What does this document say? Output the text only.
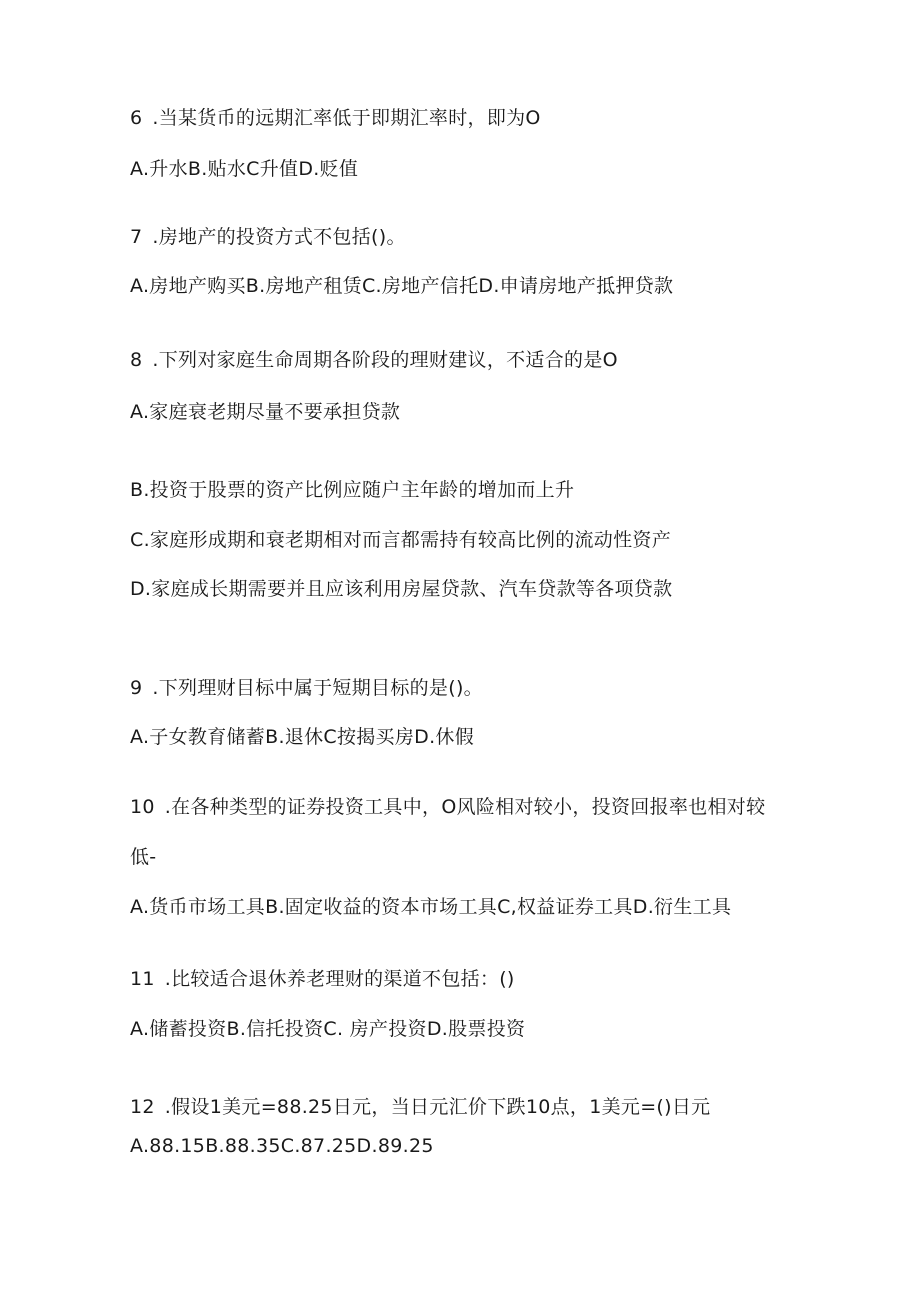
6 .当某货币的远期汇率低于即期汇率时，即为O
A.升水B.贴水C升值D.贬值
7 .房地产的投资方式不包括()。
A.房地产购买B.房地产租赁C.房地产信托D.申请房地产抵押贷款
8 .下列对家庭生命周期各阶段的理财建议，不适合的是O
A.家庭衰老期尽量不要承担贷款
B.投资于股票的资产比例应随户主年龄的增加而上升
C.家庭形成期和衰老期相对而言都需持有较高比例的流动性资产
D.家庭成长期需要并且应该利用房屋贷款、汽车贷款等各项贷款
9 .下列理财目标中属于短期目标的是()。
A.子女教育储蓄B.退休C按揭买房D.休假
10 .在各种类型的证券投资工具中，O风险相对较小，投资回报率也相对较
低-
A.货币市场工具B.固定收益的资本市场工具C,权益证券工具D.衍生工具
11 .比较适合退休养老理财的渠道不包括：()
A.储蓄投资B.信托投资C. 房产投资D.股票投资
12 .假设1美元=88.25日元，当日元汇价下跌10点，1美元=()日元
A.88.15B.88.35C.87.25D.89.25
